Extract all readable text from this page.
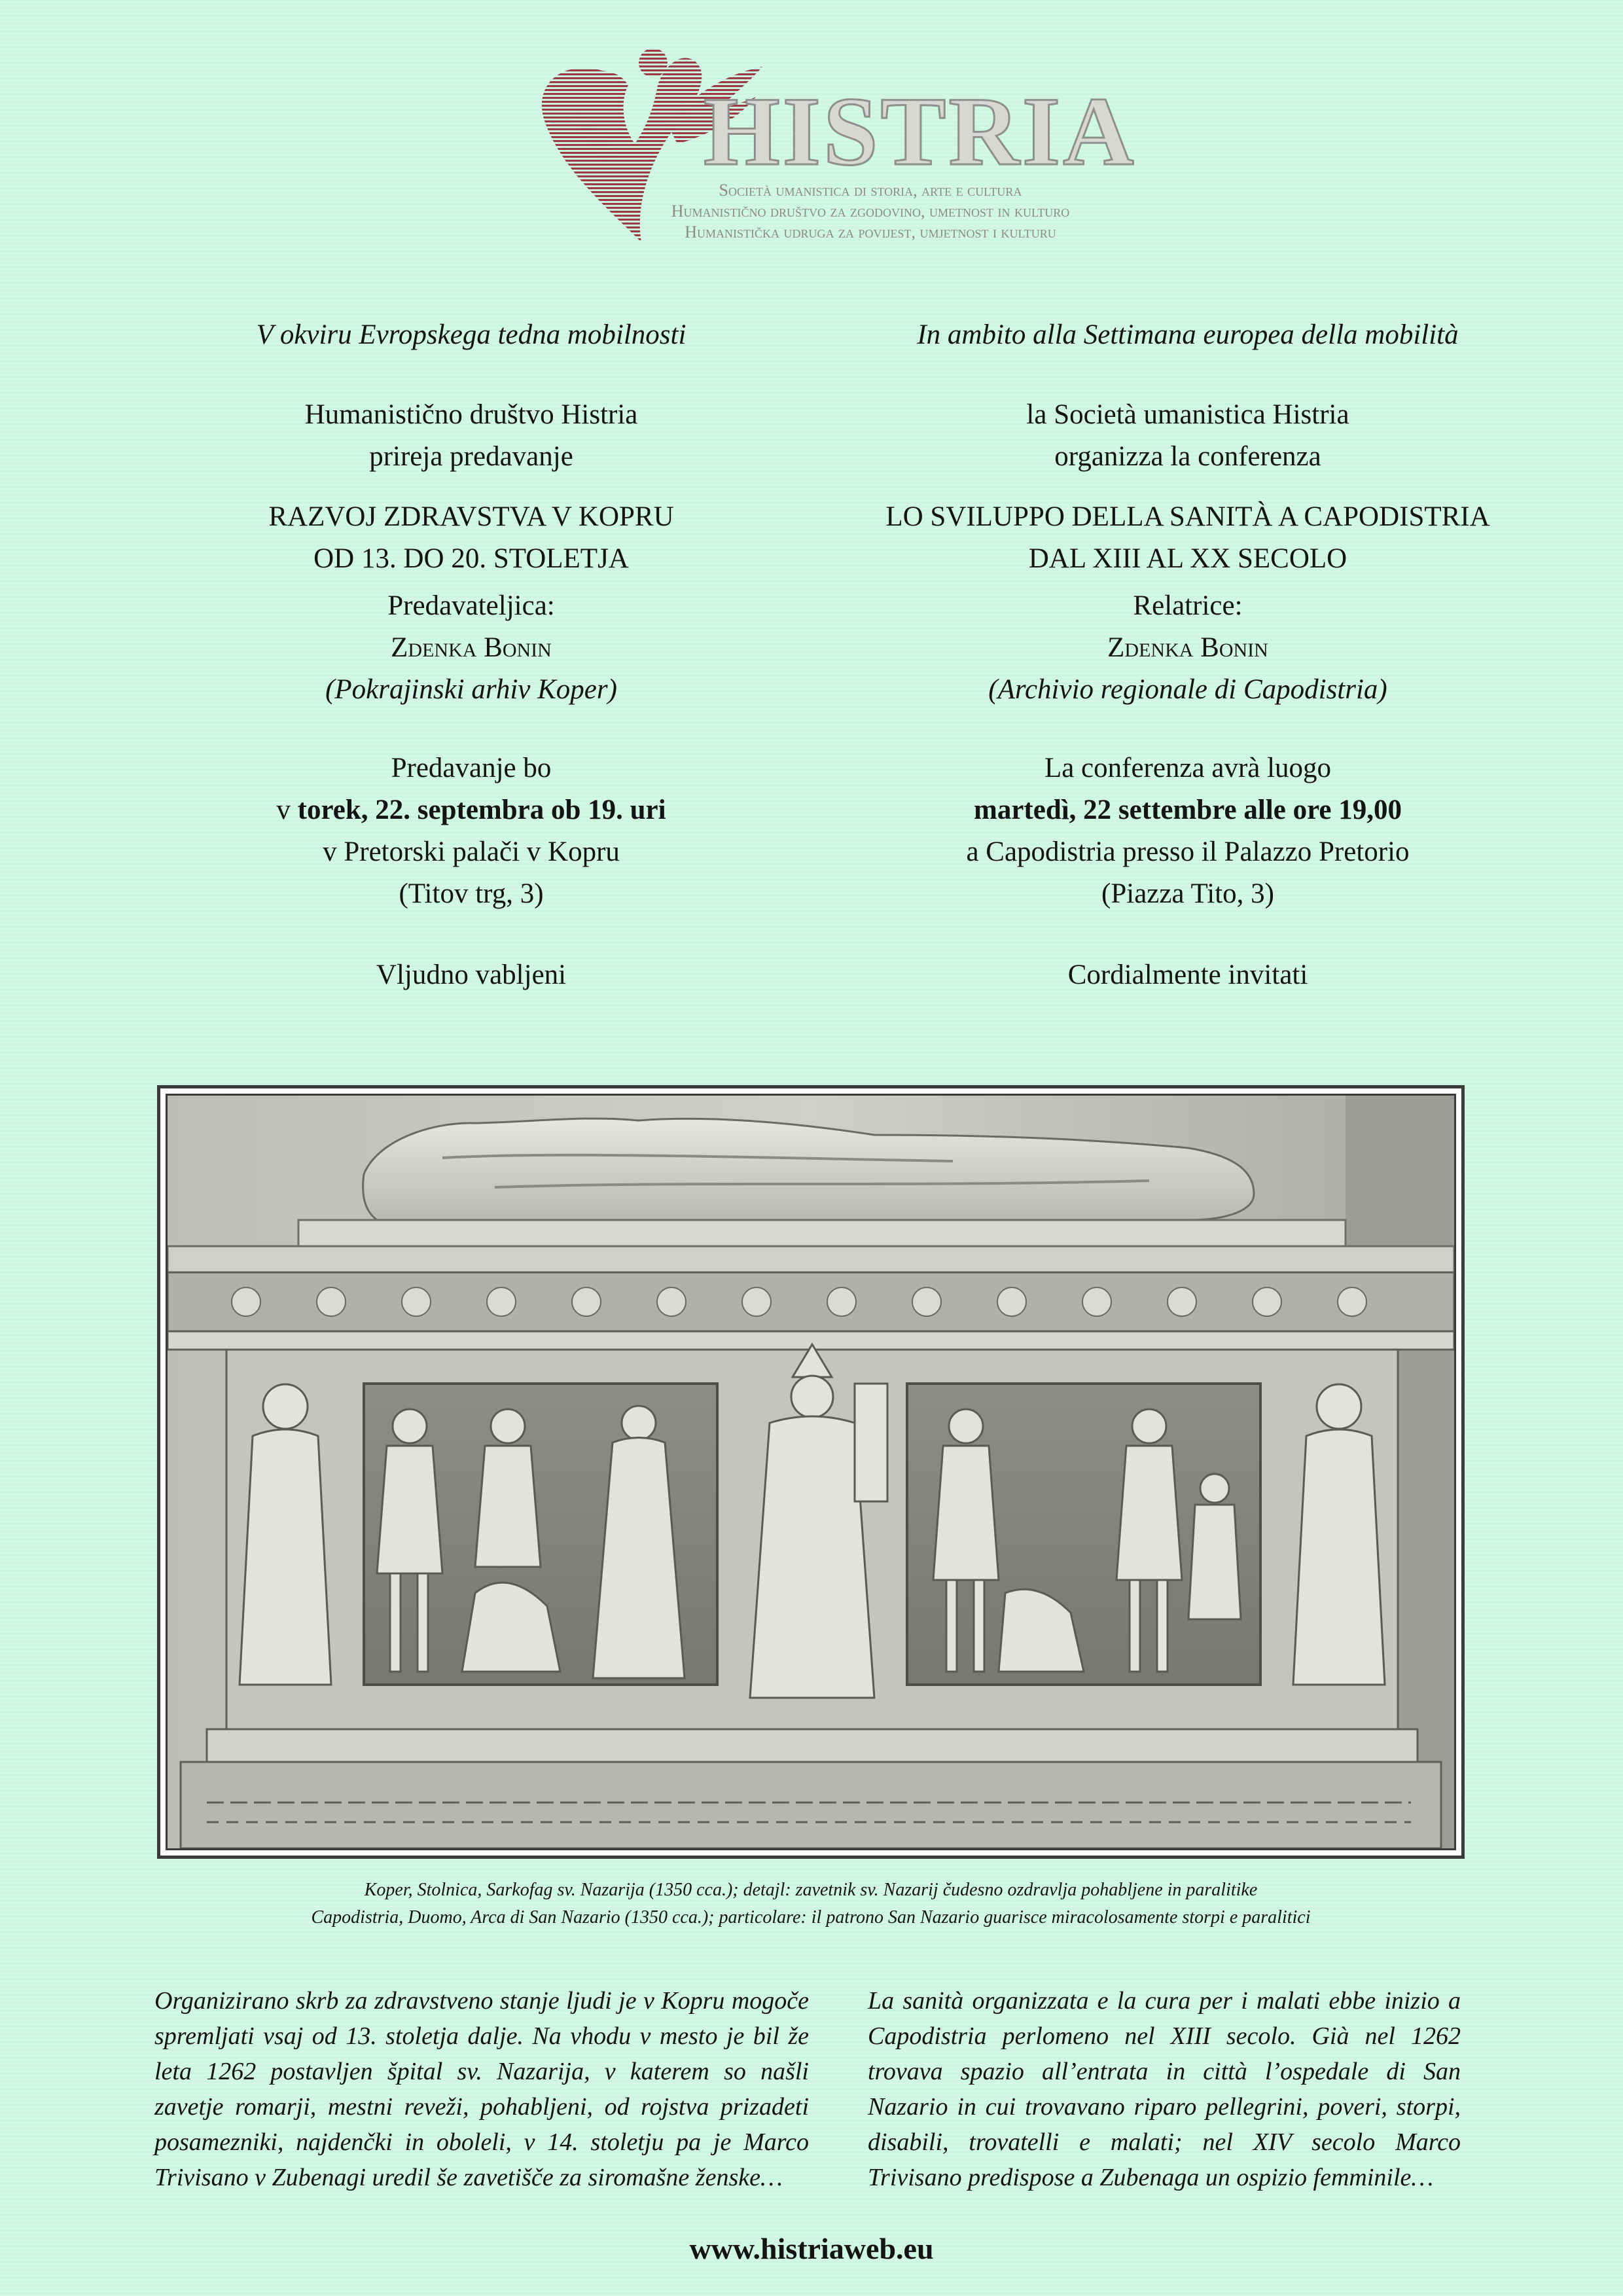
HISTRIA
Società umanistica di storia, arte e cultura
Humanistično društvo za zgodovino, umetnost in kulturo
Humanistička udruga za povijest, umjetnost i kulturu

V okviru Evropskega tedna mobilnosti

Humanistično društvo Histria

prireja predavanje

RAZVOJ ZDRAVSTVA V KOPRU

OD 13. DO 20. STOLETJA

Predavateljica:

Zdenka Bonin

(Pokrajinski arhiv Koper)

Predavanje bo

v torek, 22. septembra ob 19. uri

v Pretorski palači v Kopru

(Titov trg, 3)

Vljudno vabljeni

In ambito alla Settimana europea della mobilità

la Società umanistica Histria

organizza la conferenza

LO SVILUPPO DELLA SANITÀ A CAPODISTRIA

DAL XIII AL XX SECOLO

Relatrice:

Zdenka Bonin

(Archivio regionale di Capodistria)

La conferenza avrà luogo

martedì, 22 settembre alle ore 19,00

a Capodistria presso il Palazzo Pretorio

(Piazza Tito, 3)

Cordialmente invitati

Koper, Stolnica, Sarkofag sv. Nazarija (1350 cca.); detajl: zavetnik sv. Nazarij čudesno ozdravlja pohabljene in paralitike
Capodistria, Duomo, Arca di San Nazario (1350 cca.); particolare: il patrono San Nazario guarisce miracolosamente storpi e paralitici
Organizirano skrb za zdravstveno stanje ljudi je v Kopru mogoče spremljati vsaj od 13. stoletja dalje. Na vhodu v mesto je bil že leta 1262 postavljen špital sv. Nazarija, v katerem so našli zavetje romarji, mestni reveži, pohabljeni, od rojstva prizadeti posamezniki, najdenčki in oboleli, v 14. stoletju pa je Marco Trivisano v Zubenagi uredil še zavetišče za siromašne ženske…
La sanità organizzata e la cura per i malati ebbe inizio a Capodistria perlomeno nel XIII secolo. Già nel 1262 trovava spazio all’entrata in città l’ospedale di San Nazario in cui trovavano riparo pellegrini, poveri, storpi, disabili, trovatelli e malati; nel XIV secolo Marco Trivisano predispose a Zubenaga un ospizio femminile…
www.histriaweb.eu
